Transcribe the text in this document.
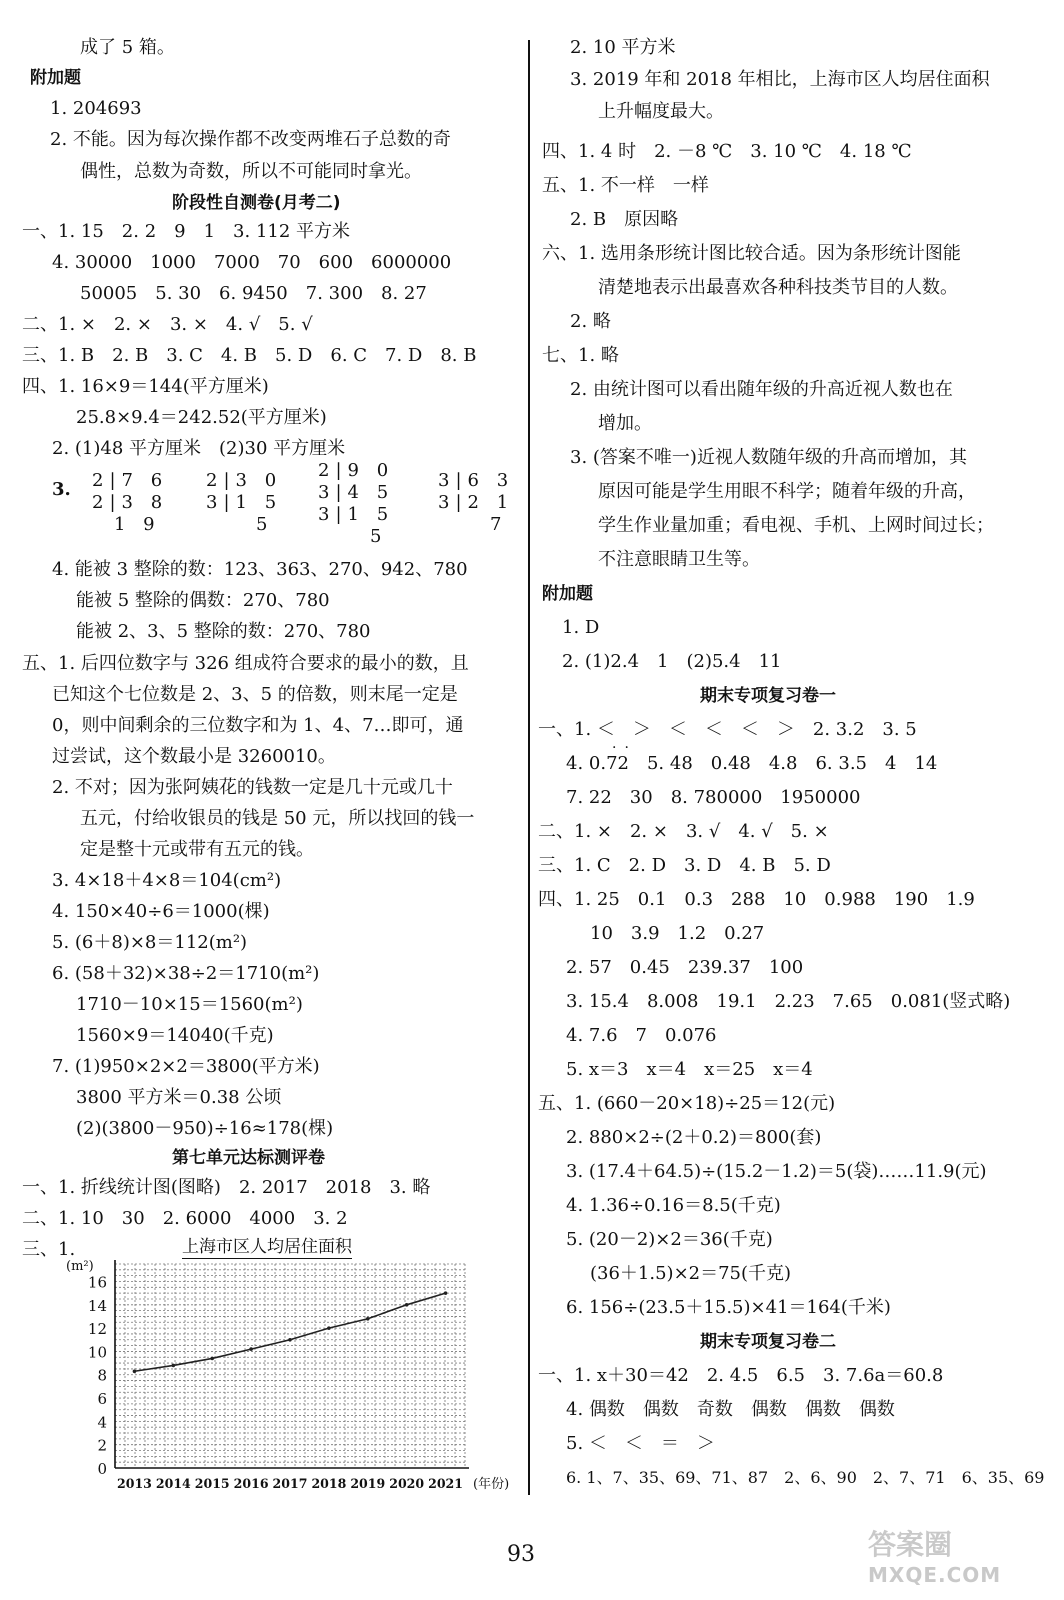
成了 5 箱。
附加题
1. 204693
2. 不能。因为每次操作都不改变两堆石子总数的奇
偶性，总数为奇数，所以不可能同时拿光。
阶段性自测卷(月考二)
一、1. 15　2. 2　9　1　3. 112 平方米
4. 30000　1000　7000　70　600　6000000
50005　5. 30　6. 9450　7. 300　8. 27
二、1. ×　2. ×　3. ×　4. √　5. √
三、1. B　2. B　3. C　4. B　5. D　6. C　7. D　8. B
四、1. 16×9＝144(平方厘米)
25.8×9.4＝242.52(平方厘米)
2. (1)48 平方厘米　(2)30 平方厘米
3. 2|7 6
2|3 8
1 9
2|3 0
3|1 5
5
2|9 0
3|4 5
3|1 5
5
3|6 3
3|2 1
7
4. 能被 3 整除的数：123、363、270、942、780
能被 5 整除的偶数：270、780
能被 2、3、5 整除的数：270、780
五、1. 后四位数字与 326 组成符合要求的最小的数，且
已知这个七位数是 2、3、5 的倍数，则末尾一定是
0，则中间剩余的三位数字和为 1、4、7…即可，通
过尝试，这个数最小是 3260010。
2. 不对；因为张阿姨花的钱数一定是几十元或几十
五元，付给收银员的钱是 50 元，所以找回的钱一
定是整十元或带有五元的钱。
3. 4×18＋4×8＝104(cm²)
4. 150×40÷6＝1000(棵)
5. (6＋8)×8＝112(m²)
6. (58＋32)×38÷2＝1710(m²)
1710－10×15＝1560(m²)
1560×9＝14040(千克)
7. (1)950×2×2＝3800(平方米)
3800 平方米＝0.38 公顷
(2)(3800－950)÷16≈178(棵)
第七单元达标测评卷
一、1. 折线统计图(图略)　2. 2017　2018　3. 略
二、1. 10　30　2. 6000　4000　3. 2
三、1.	上海市区人均居住面积
0
2
4
6
8
10
12
14
16
(m²)
2013 2014 2015 2016 2017 2018 2019 2020 2021 (年份)
2. 10 平方米
3. 2019 年和 2018 年相比，上海市区人均居住面积
上升幅度最大。
四、1. 4 时　2. －8 ℃　3. 10 ℃　4. 18 ℃
五、1. 不一样　一样
2. B　原因略
六、1. 选用条形统计图比较合适。因为条形统计图能
清楚地表示出最喜欢各种科技类节目的人数。
2. 略
七、1. 略
2. 由统计图可以看出随年级的升高近视人数也在
增加。
3. (答案不唯一)近视人数随年级的升高而增加，其
原因可能是学生用眼不科学；随着年级的升高，
学生作业量加重；看电视、手机、上网时间过长；
不注意眼睛卫生等。
附加题
1. D
2. (1)2.4　1　(2)5.4　11
期末专项复习卷一
一、1. ＜　＞　＜　＜　＜　＞　2. 3.2　3. 5
··
4. 0.72　5. 48　0.48　4.8　6. 3.5　4　14
7. 22　30　8. 780000　1950000
二、1. ×　2. ×　3. √　4. √　5. ×
三、1. C　2. D　3. D　4. B　5. D
四、1. 25　0.1　0.3　288　10　0.988　190　1.9
10　3.9　1.2　0.27
2. 57　0.45　239.37　100
3. 15.4　8.008　19.1　2.23　7.65　0.081(竖式略)
4. 7.6　7　0.076
5. x＝3　x＝4　x＝25　x＝4
五、1. (660－20×18)÷25＝12(元)
2. 880×2÷(2＋0.2)＝800(套)
3. (17.4＋64.5)÷(15.2－1.2)＝5(袋)……11.9(元)
4. 1.36÷0.16＝8.5(千克)
5. (20－2)×2＝36(千克)
(36＋1.5)×2＝75(千克)
6. 156÷(23.5＋15.5)×41＝164(千米)
期末专项复习卷二
一、1. x＋30＝42　2. 4.5　6.5　3. 7.6a＝60.8
4. 偶数　偶数　奇数　偶数　偶数　偶数
5. ＜　＜　＝　＞
6. 1、7、35、69、71、87　2、6、90　2、7、71　6、35、69
93	答案圈
MXQE.COM
